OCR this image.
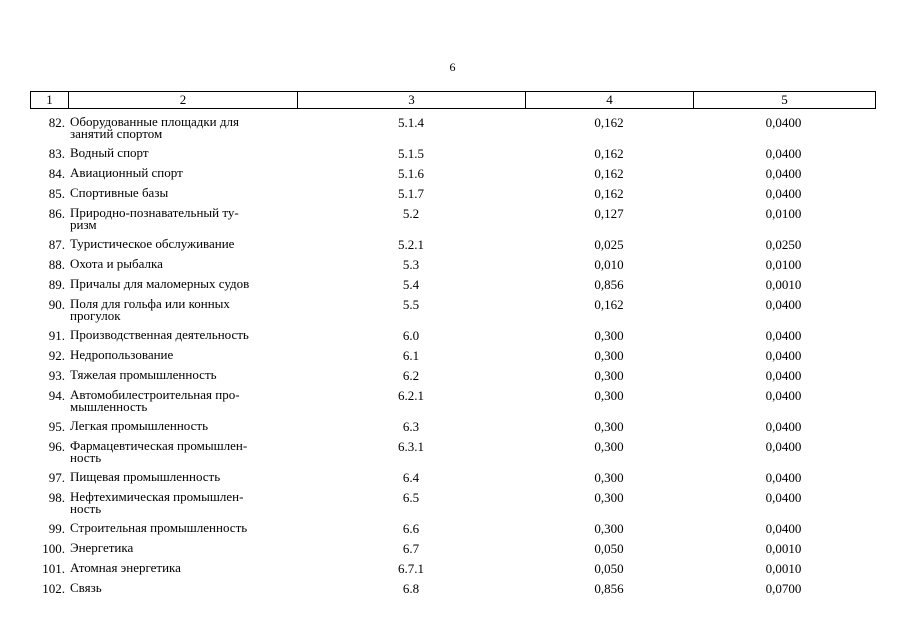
6
1	2	3	4	5
82. Оборудованные площадки для
занятий спортом
5.1.4	0,162	0,0400
83. Водный спорт	5.1.5	0,162	0,0400
84. Авиационный спорт	5.1.6	0,162	0,0400
85. Спортивные базы	5.1.7	0,162	0,0400
86. Природно-познавательный ту-
ризм
5.2	0,127	0,0100
87. Туристическое обслуживание	5.2.1	0,025	0,0250
88. Охота и рыбалка	5.3	0,010	0,0100
89. Причалы для маломерных судов	5.4	0,856	0,0010
90. Поля для гольфа или конных
прогулок
5.5	0,162	0,0400
91. Производственная деятельность	6.0	0,300	0,0400
92. Недропользование	6.1	0,300	0,0400
93. Тяжелая промышленность	6.2	0,300	0,0400
94. Автомобилестроительная про-
мышленность
6.2.1	0,300	0,0400
95. Легкая промышленность	6.3	0,300	0,0400
96. Фармацевтическая промышлен-
ность
6.3.1	0,300	0,0400
97. Пищевая промышленность	6.4	0,300	0,0400
98. Нефтехимическая промышлен-
ность
6.5	0,300	0,0400
99. Строительная промышленность	6.6	0,300	0,0400
100. Энергетика	6.7	0,050	0,0010
101. Атомная энергетика	6.7.1	0,050	0,0010
102. Связь	6.8	0,856	0,0700
